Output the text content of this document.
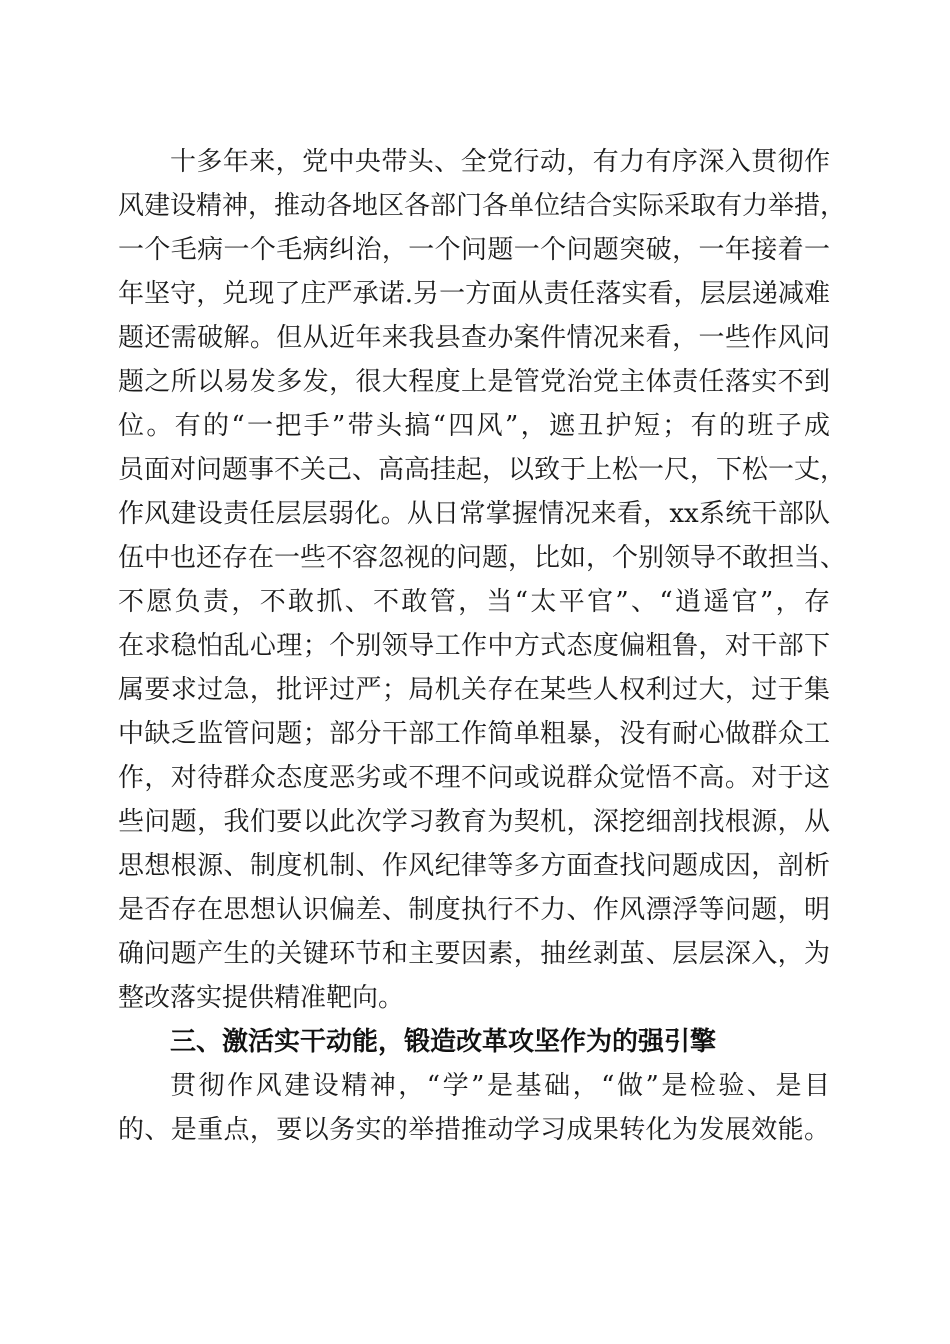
十多年来，党中央带头、全党行动，有力有序深入贯彻作
风建设精神，推动各地区各部门各单位结合实际采取有力举措，
一个毛病一个毛病纠治，一个问题一个问题突破，一年接着一
年坚守，兑现了庄严承诺.另一方面从责任落实看，层层递减难
题还需破解。但从近年来我县查办案件情况来看，一些作风问
题之所以易发多发，很大程度上是管党治党主体责任落实不到
位。有的“一把手”带头搞“四风”，遮丑护短；有的班子成
员面对问题事不关己、高高挂起，以致于上松一尺，下松一丈，
作风建设责任层层弱化。从日常掌握情况来看，xx系统干部队
伍中也还存在一些不容忽视的问题，比如，个别领导不敢担当、
不愿负责，不敢抓、不敢管，当“太平官”、“逍遥官”，存
在求稳怕乱心理；个别领导工作中方式态度偏粗鲁，对干部下
属要求过急，批评过严；局机关存在某些人权利过大，过于集
中缺乏监管问题；部分干部工作简单粗暴，没有耐心做群众工
作，对待群众态度恶劣或不理不问或说群众觉悟不高。对于这
些问题，我们要以此次学习教育为契机，深挖细剖找根源，从
思想根源、制度机制、作风纪律等多方面查找问题成因，剖析
是否存在思想认识偏差、制度执行不力、作风漂浮等问题，明
确问题产生的关键环节和主要因素，抽丝剥茧、层层深入，为
整改落实提供精准靶向。
三、激活实干动能，锻造改革攻坚作为的强引擎
贯彻作风建设精神，“学”是基础，“做”是检验、是目
的、是重点，要以务实的举措推动学习成果转化为发展效能。
